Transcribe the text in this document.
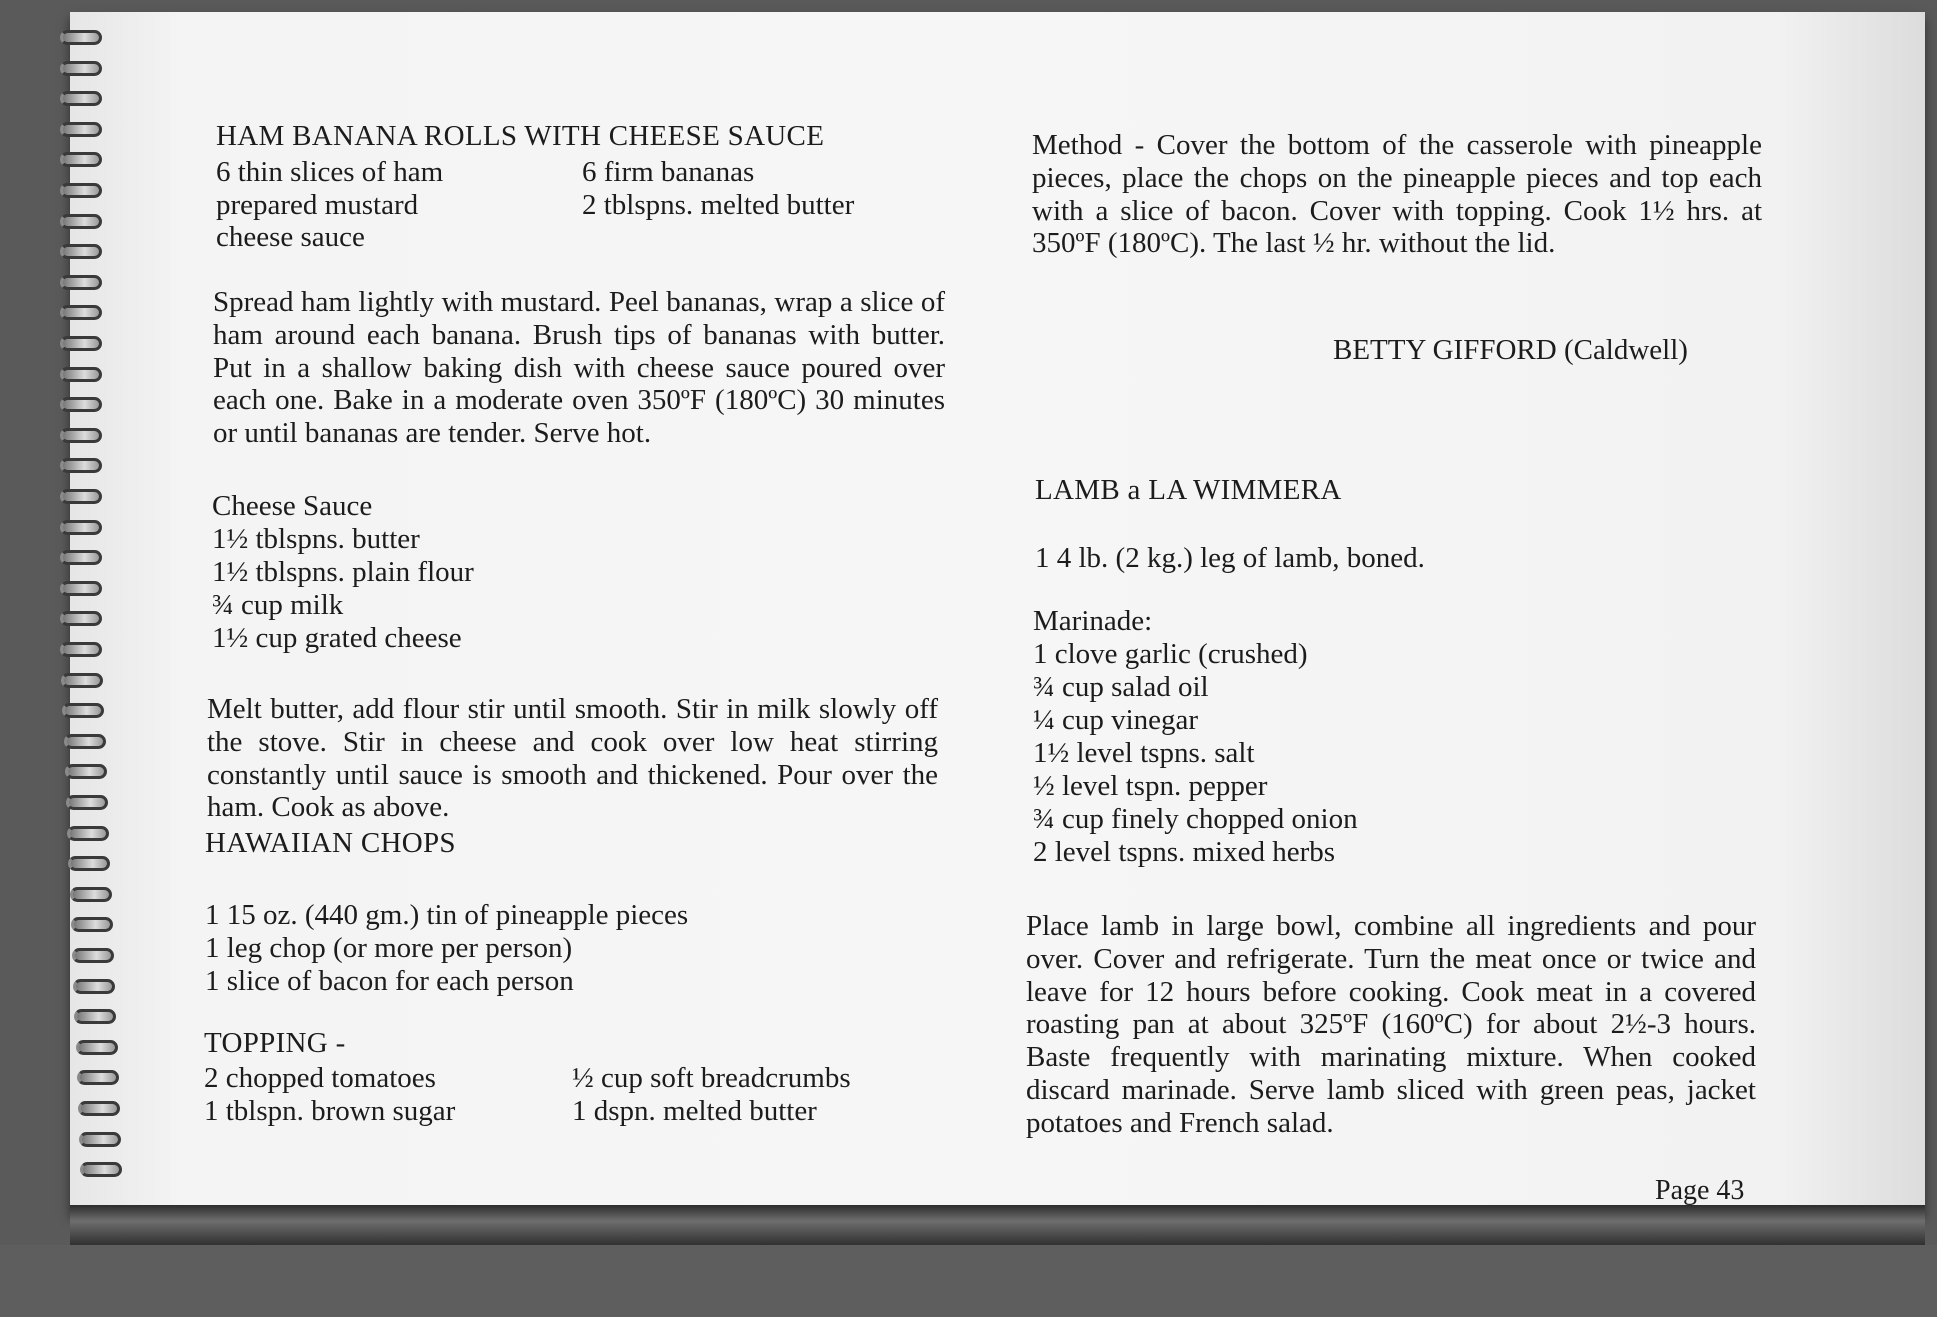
HAM BANANA ROLLS WITH CHEESE SAUCE
6 thin slices of ham	6 firm bananas
prepared mustard	2 tblspns. melted butter
cheese sauce
Spread ham lightly with mustard. Peel bananas, wrap a slice of ham around each banana. Brush tips of bananas with butter. Put in a shallow baking dish with cheese sauce poured over each one. Bake in a moderate oven 350ºF (180ºC) 30 minutes or until bananas are tender. Serve hot.
Cheese Sauce
1½ tblspns. butter
1½ tblspns. plain flour
¾ cup milk
1½ cup grated cheese
Melt butter, add flour stir until smooth. Stir in milk slowly off the stove. Stir in cheese and cook over low heat stirring constantly until sauce is smooth and thickened. Pour over the ham. Cook as above.
HAWAIIAN CHOPS
1 15 oz. (440 gm.) tin of pineapple pieces
1 leg chop (or more per person)
1 slice of bacon for each person
TOPPING -
2 chopped tomatoes	½ cup soft breadcrumbs
1 tblspn. brown sugar	1 dspn. melted butter
Method - Cover the bottom of the casserole with pineapple pieces, place the chops on the pineapple pieces and top each with a slice of bacon. Cover with topping. Cook 1½ hrs. at 350ºF (180ºC). The last ½ hr. without the lid.
BETTY GIFFORD (Caldwell)
LAMB a LA WIMMERA
1 4 lb. (2 kg.) leg of lamb, boned.
Marinade:
1 clove garlic (crushed)
¾ cup salad oil
¼ cup vinegar
1½ level tspns. salt
½ level tspn. pepper
¾ cup finely chopped onion
2 level tspns. mixed herbs
Place lamb in large bowl, combine all ingredients and pour over. Cover and refrigerate. Turn the meat once or twice and leave for 12 hours before cooking. Cook meat in a covered roasting pan at about 325ºF (160ºC) for about 2½-3 hours. Baste frequently with marinating mixture. When cooked discard marinade. Serve lamb sliced with green peas, jacket potatoes and French salad.
Page 43
